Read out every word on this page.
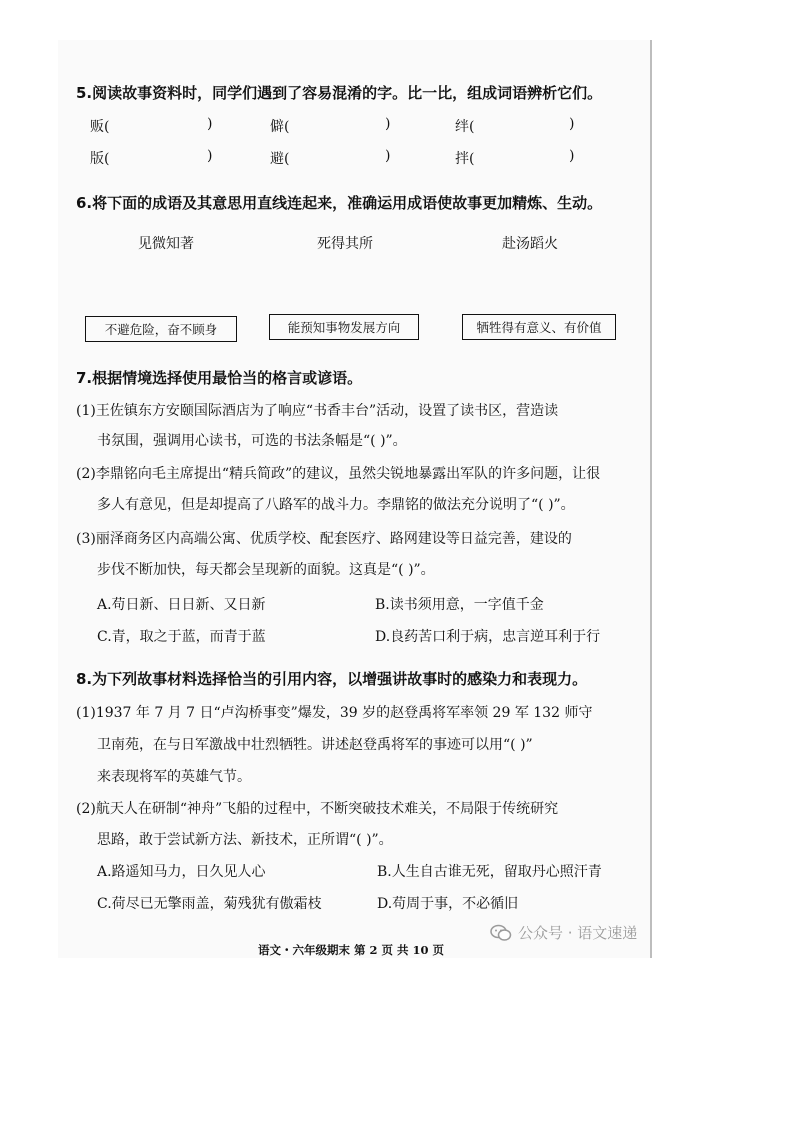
5.阅读故事资料时，同学们遇到了容易混淆的字。比一比，组成词语辨析它们。
贩(	)	僻(	)	绊(	)
版(	)	避(	)	拌(	)
6.将下面的成语及其意思用直线连起来，准确运用成语使故事更加精炼、生动。
见微知著	死得其所	赴汤蹈火
不避危险，奋不顾身	能预知事物发展方向	牺牲得有意义、有价值
7.根据情境选择使用最恰当的格言或谚语。
(1)王佐镇东方安颐国际酒店为了响应“书香丰台”活动，设置了读书区，营造读
书氛围，强调用心读书，可选的书法条幅是“( )”。
(2)李鼎铭向毛主席提出“精兵简政”的建议，虽然尖锐地暴露出军队的许多问题，让很
多人有意见，但是却提高了八路军的战斗力。李鼎铭的做法充分说明了“( )”。
(3)丽泽商务区内高端公寓、优质学校、配套医疗、路网建设等日益完善，建设的
步伐不断加快，每天都会呈现新的面貌。这真是“( )”。
A.苟日新、日日新、又日新	B.读书须用意，一字值千金
C.青，取之于蓝，而青于蓝	D.良药苦口利于病，忠言逆耳利于行
8.为下列故事材料选择恰当的引用内容，以增强讲故事时的感染力和表现力。
(1)1937 年 7 月 7 日“卢沟桥事变”爆发，39 岁的赵登禹将军率领 29 军 132 师守
卫南苑，在与日军激战中壮烈牺牲。讲述赵登禹将军的事迹可以用“( )”
来表现将军的英雄气节。
(2)航天人在研制“神舟”飞船的过程中，不断突破技术难关，不局限于传统研究
思路，敢于尝试新方法、新技术，正所谓“( )”。
A.路遥知马力，日久见人心	B.人生自古谁无死，留取丹心照汗青
C.荷尽已无擎雨盖，菊残犹有傲霜枝	D.苟周于事，不必循旧
语文・六年级期末 第 2 页 共 10 页
公众号 · 语文速递
